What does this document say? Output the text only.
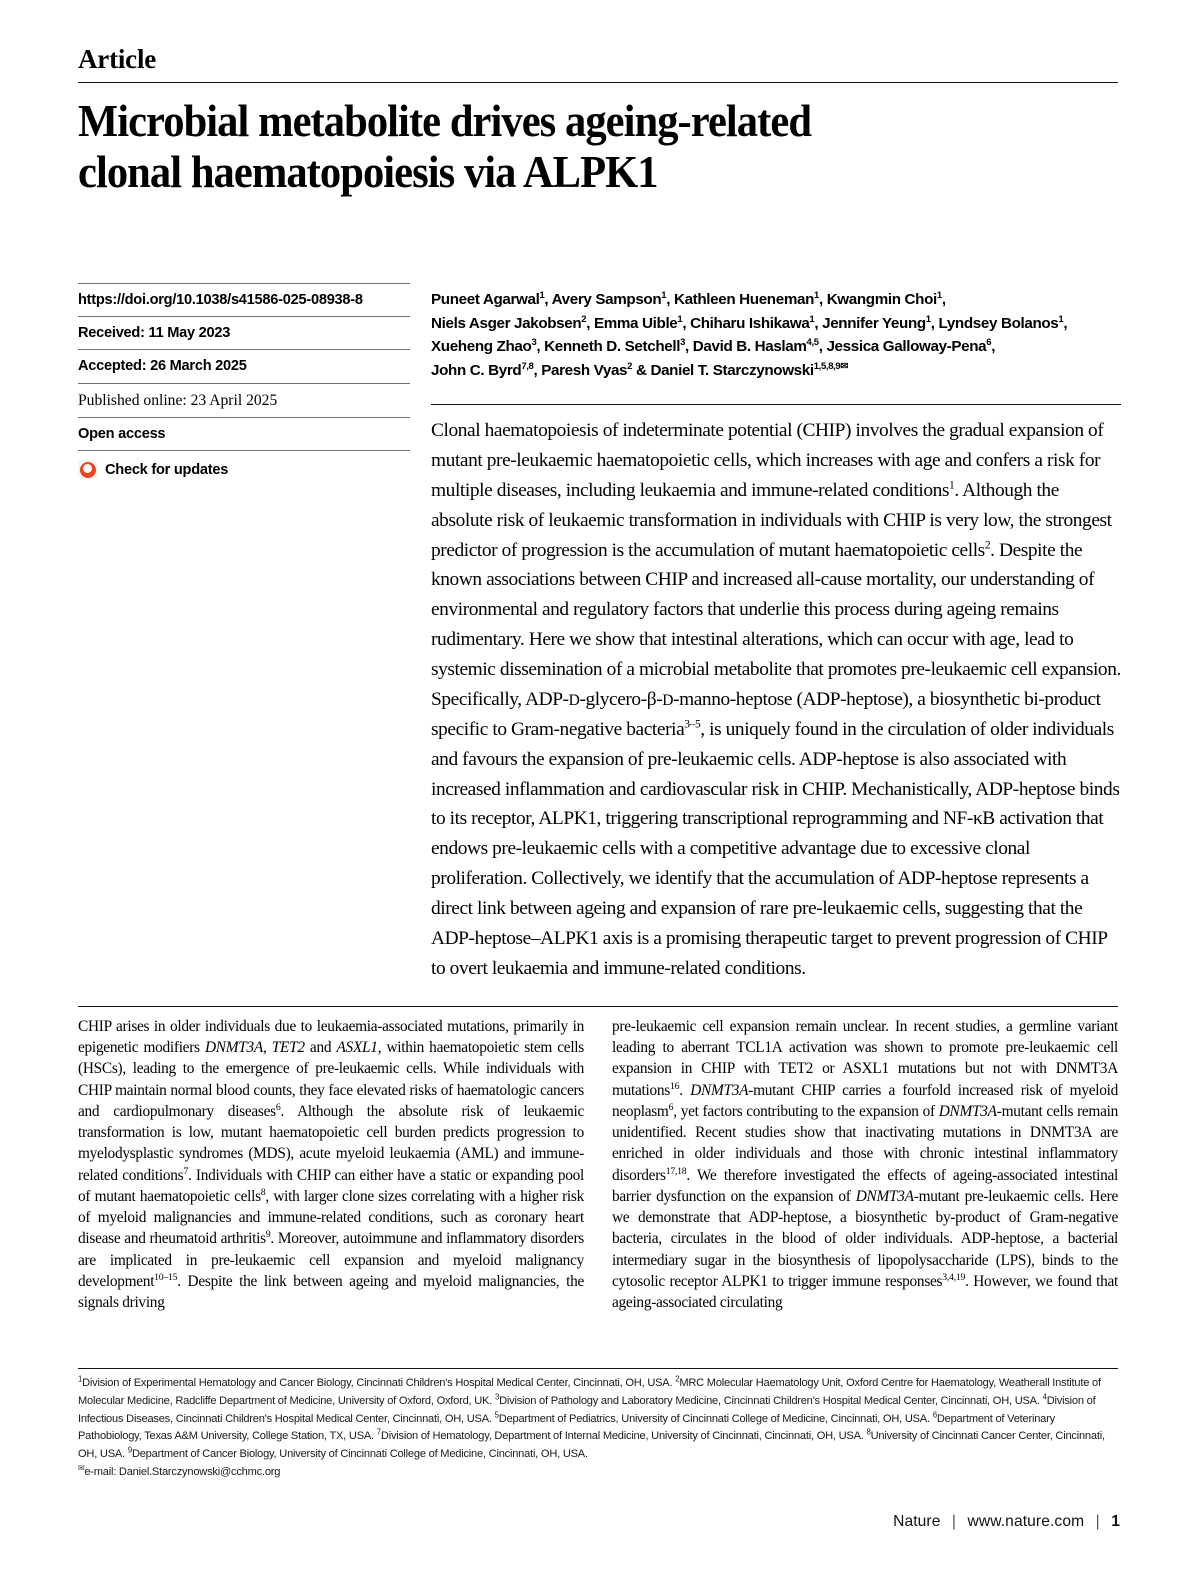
Article
Microbial metabolite drives ageing-related
clonal haematopoiesis via ALPK1
https://doi.org/10.1038/s41586-025-08938-8
Received: 11 May 2023
Accepted: 26 March 2025
Published online: 23 April 2025
Open access
Check for updates
Puneet Agarwal$^1$, Avery Sampson$^1$, Kathleen Hueneman$^1$, Kwangmin Choi$^1$,
Niels Asger Jakobsen$^2$, Emma Uible$^1$, Chiharu Ishikawa$^1$, Jennifer Yeung$^1$, Lyndsey Bolanos$^1$,
Xueheng Zhao$^3$, Kenneth D. Setchell$^3$, David B. Haslam$^{4,5}$, Jessica Galloway-Pena$^6$,
John C. Byrd$^{7,8}$, Paresh Vyas$^2$ & Daniel T. Starczynowski$^{1,5,8,9✉}$
Clonal haematopoiesis of indeterminate potential (CHIP) involves the gradual expansion of mutant pre-leukaemic haematopoietic cells, which increases with age and confers a risk for multiple diseases, including leukaemia and immune-related conditions$^1$. Although the absolute risk of leukaemic transformation in individuals with CHIP is very low, the strongest predictor of progression is the accumulation of mutant haematopoietic cells$^2$. Despite the known associations between CHIP and increased all-cause mortality, our understanding of environmental and regulatory factors that underlie this process during ageing remains rudimentary. Here we show that intestinal alterations, which can occur with age, lead to systemic dissemination of a microbial metabolite that promotes pre-leukaemic cell expansion. Specifically, ADP-D-glycero-β-D-manno-heptose (ADP-heptose), a biosynthetic bi-product specific to Gram-negative bacteria$^{3-5}$, is uniquely found in the circulation of older individuals and favours the expansion of pre-leukaemic cells. ADP-heptose is also associated with increased inflammation and cardiovascular risk in CHIP. Mechanistically, ADP-heptose binds to its receptor, ALPK1, triggering transcriptional reprogramming and NF-κB activation that endows pre-leukaemic cells with a competitive advantage due to excessive clonal proliferation. Collectively, we identify that the accumulation of ADP-heptose represents a direct link between ageing and expansion of rare pre-leukaemic cells, suggesting that the ADP-heptose–ALPK1 axis is a promising therapeutic target to prevent progression of CHIP to overt leukaemia and immune-related conditions.
CHIP arises in older individuals due to leukaemia-associated mutations, primarily in epigenetic modifiers DNMT3A, TET2 and ASXL1, within haematopoietic stem cells (HSCs), leading to the emergence of pre-leukaemic cells. While individuals with CHIP maintain normal blood counts, they face elevated risks of haematologic cancers and cardiopulmonary diseases$^6$. Although the absolute risk of leukaemic transformation is low, mutant haematopoietic cell burden predicts progression to myelodysplastic syndromes (MDS), acute myeloid leukaemia (AML) and immune-related conditions$^7$. Individuals with CHIP can either have a static or expanding pool of mutant haematopoietic cells$^8$, with larger clone sizes correlating with a higher risk of myeloid malignancies and immune-related conditions, such as coronary heart disease and rheumatoid arthritis$^9$. Moreover, autoimmune and inflammatory disorders are implicated in pre-leukaemic cell expansion and myeloid malignancy development$^{10-15}$. Despite the link between ageing and myeloid malignancies, the signals driving
pre-leukaemic cell expansion remain unclear. In recent studies, a germline variant leading to aberrant TCL1A activation was shown to promote pre-leukaemic cell expansion in CHIP with TET2 or ASXL1 mutations but not with DNMT3A mutations$^{16}$. DNMT3A-mutant CHIP carries a fourfold increased risk of myeloid neoplasm$^6$, yet factors contributing to the expansion of DNMT3A-mutant cells remain unidentified. Recent studies show that inactivating mutations in DNMT3A are enriched in older individuals and those with chronic intestinal inflammatory disorders$^{17,18}$. We therefore investigated the effects of ageing-associated intestinal barrier dysfunction on the expansion of DNMT3A-mutant pre-leukaemic cells. Here we demonstrate that ADP-heptose, a biosynthetic by-product of Gram-negative bacteria, circulates in the blood of older individuals. ADP-heptose, a bacterial intermediary sugar in the biosynthesis of lipopolysaccharide (LPS), binds to the cytosolic receptor ALPK1 to trigger immune responses$^{3,4,19}$. However, we found that ageing-associated circulating
$^1$Division of Experimental Hematology and Cancer Biology, Cincinnati Children's Hospital Medical Center, Cincinnati, OH, USA. $^2$MRC Molecular Haematology Unit, Oxford Centre for Haematology, Weatherall Institute of Molecular Medicine, Radcliffe Department of Medicine, University of Oxford, Oxford, UK. $^3$Division of Pathology and Laboratory Medicine, Cincinnati Children's Hospital Medical Center, Cincinnati, OH, USA. $^4$Division of Infectious Diseases, Cincinnati Children's Hospital Medical Center, Cincinnati, OH, USA. $^5$Department of Pediatrics, University of Cincinnati College of Medicine, Cincinnati, OH, USA. $^6$Department of Veterinary Pathobiology, Texas A&M University, College Station, TX, USA. $^7$Division of Hematology, Department of Internal Medicine, University of Cincinnati, Cincinnati, OH, USA. $^8$University of Cincinnati Cancer Center, Cincinnati, OH, USA. $^9$Department of Cancer Biology, University of Cincinnati College of Medicine, Cincinnati, OH, USA.
✉e-mail: Daniel.Starczynowski@cchmc.org
Nature | www.nature.com | 1
